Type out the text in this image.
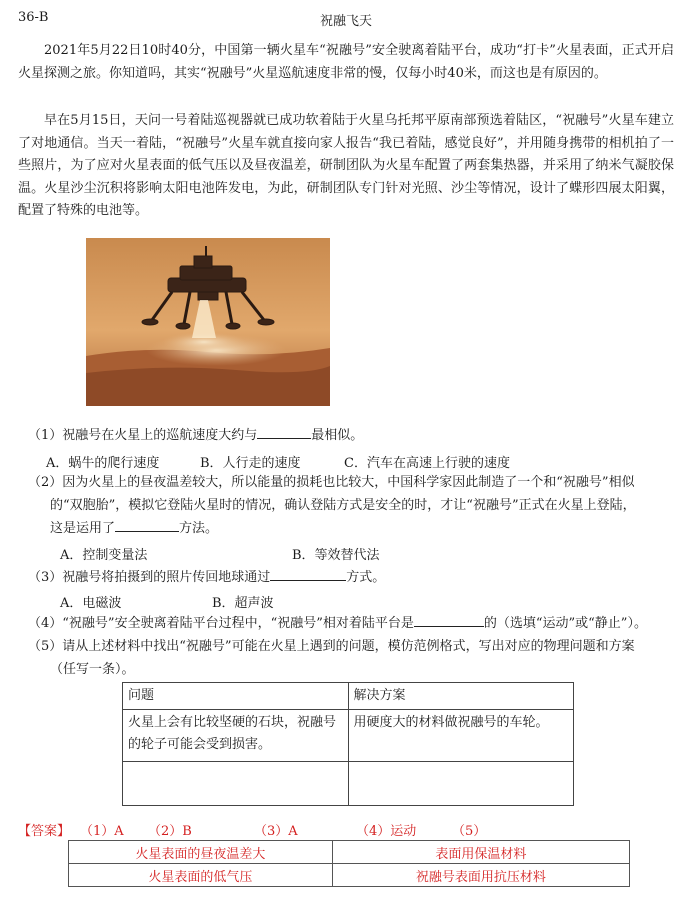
36-B	祝融飞天
2021年5月22日10时40分，中国第一辆火星车“祝融号”安全驶离着陆平台，成功“打卡”火星表面，正式开启火星探测之旅。你知道吗，其实“祝融号”火星巡航速度非常的慢，仅每小时40米，而这也是有原因的。
早在5月15日，天问一号着陆巡视器就已成功软着陆于火星乌托邦平原南部预选着陆区，“祝融号”火星车建立了对地通信。当天一着陆，“祝融号”火星车就直接向家人报告“我已着陆，感觉良好”，并用随身携带的相机拍了一些照片，为了应对火星表面的低气压以及昼夜温差，研制团队为火星车配置了两套集热器，并采用了纳米气凝胶保温。火星沙尘沉积将影响太阳电池阵发电，为此，研制团队专门针对光照、沙尘等情况，设计了蝶形四展太阳翼，配置了特殊的电池等。
（1）祝融号在火星上的巡航速度大约与	最相似。
A．蜗牛的爬行速度	B．人行走的速度	C．汽车在高速上行驶的速度
（2）因为火星上的昼夜温差较大，所以能量的损耗也比较大，中国科学家因此制造了一个和“祝融号”相似
的“双胞胎”，模拟它登陆火星时的情况，确认登陆方式是安全的时，才让“祝融号”正式在火星上登陆，
这是运用了	方法。
A．控制变量法	B．等效替代法
（3）祝融号将拍摄到的照片传回地球通过	方式。
A．电磁波	B．超声波
（4）“祝融号”安全驶离着陆平台过程中，“祝融号”相对着陆平台是	的（选填“运动”或“静止”）。
（5）请从上述材料中找出“祝融号”可能在火星上遇到的问题，模仿范例格式，写出对应的物理问题和方案
（任写一条）。
问题	解决方案
火星上会有比较坚硬的石块，祝融号的轮子可能会受到损害。	用硬度大的材料做祝融号的车轮。

【答案】 （1）A （2）B	（3）A	（4）运动	（5）
火星表面的昼夜温差大	表面用保温材料
火星表面的低气压	祝融号表面用抗压材料
